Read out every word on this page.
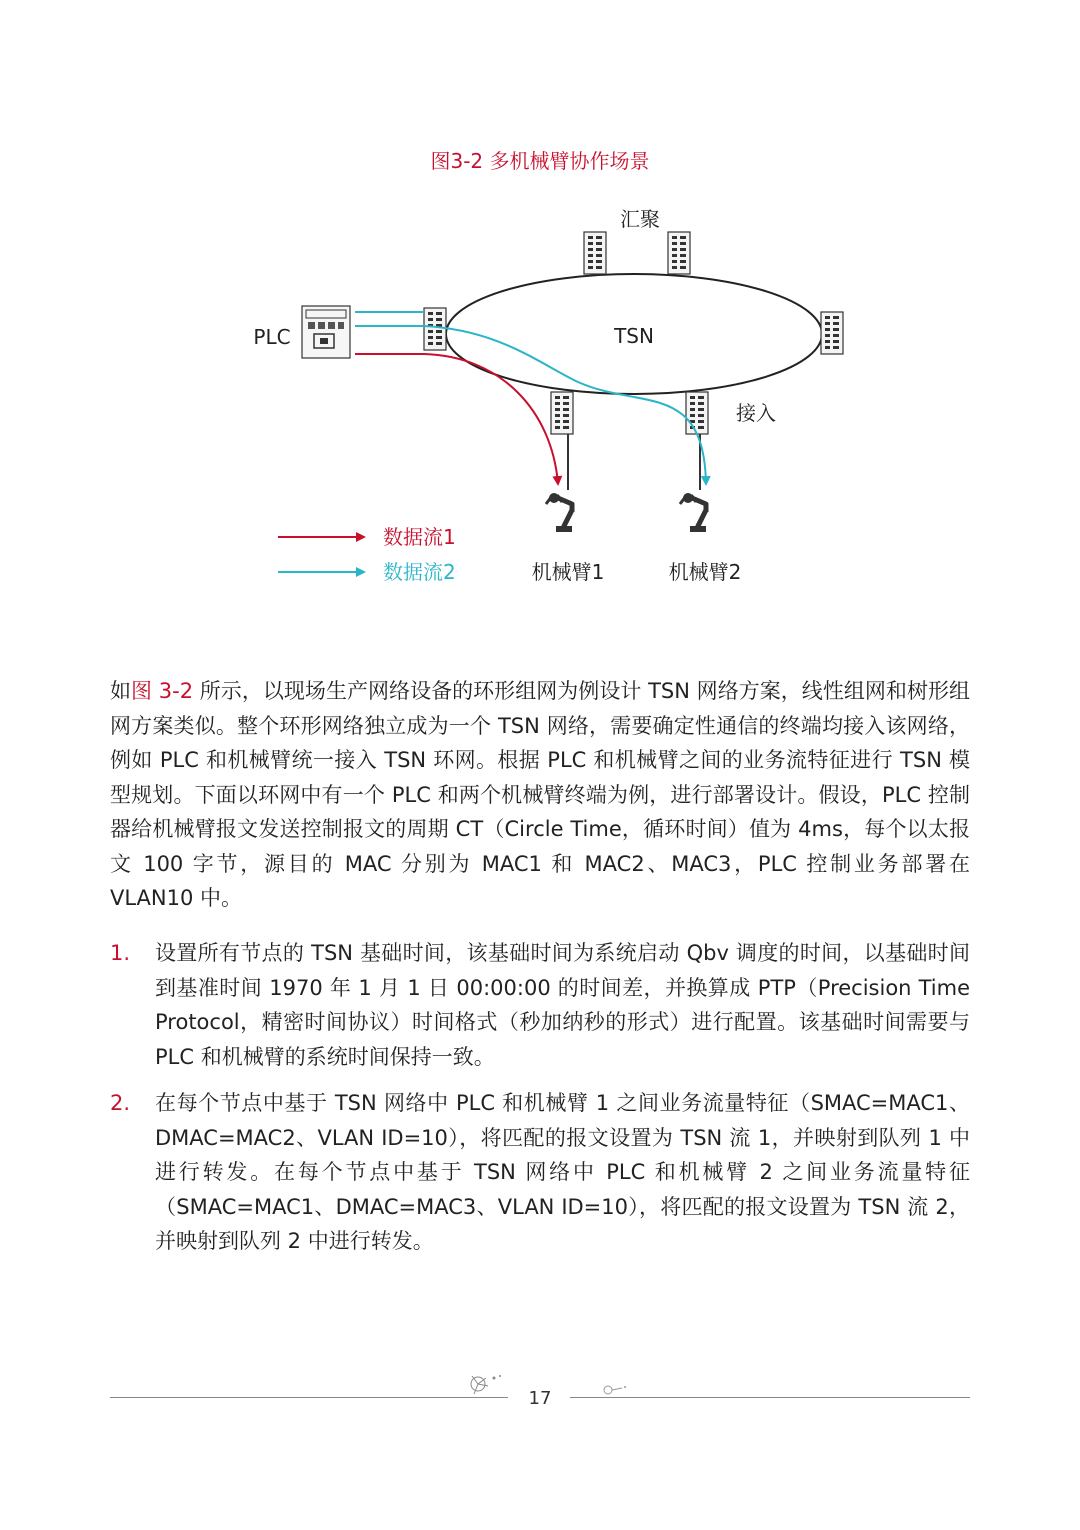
图3-2 多机械臂协作场景
TSN
汇聚
接入
PLC
机械臂1	机械臂2
数据流1
数据流2

如图 3-2 所示，以现场生产网络设备的环形组网为例设计 TSN 网络方案，线性组网和树形组网方案类似。整个环形网络独立成为一个 TSN 网络，需要确定性通信的终端均接入该网络，例如 PLC 和机械臂统一接入 TSN 环网。根据 PLC 和机械臂之间的业务流特征进行 TSN 模型规划。下面以环网中有一个 PLC 和两个机械臂终端为例，进行部署设计。假设，PLC 控制器给机械臂报文发送控制报文的周期 CT（Circle Time，循环时间）值为 4ms，每个以太报文 100 字节，源目的 MAC 分别为 MAC1 和 MAC2、MAC3，PLC 控制业务部署在 VLAN10 中。

1. 设置所有节点的 TSN 基础时间，该基础时间为系统启动 Qbv 调度的时间，以基础时间到基准时间 1970 年 1 月 1 日 00:00:00 的时间差，并换算成 PTP（Precision Time Protocol，精密时间协议）时间格式（秒加纳秒的形式）进行配置。该基础时间需要与 PLC 和机械臂的系统时间保持一致。
2. 在每个节点中基于 TSN 网络中 PLC 和机械臂 1 之间业务流量特征（SMAC=MAC1、DMAC=MAC2、VLAN ID=10），将匹配的报文设置为 TSN 流 1，并映射到队列 1 中进行转发。在每个节点中基于 TSN 网络中 PLC 和机械臂 2 之间业务流量特征（SMAC=MAC1、DMAC=MAC3、VLAN ID=10），将匹配的报文设置为 TSN 流 2，并映射到队列 2 中进行转发。
17
